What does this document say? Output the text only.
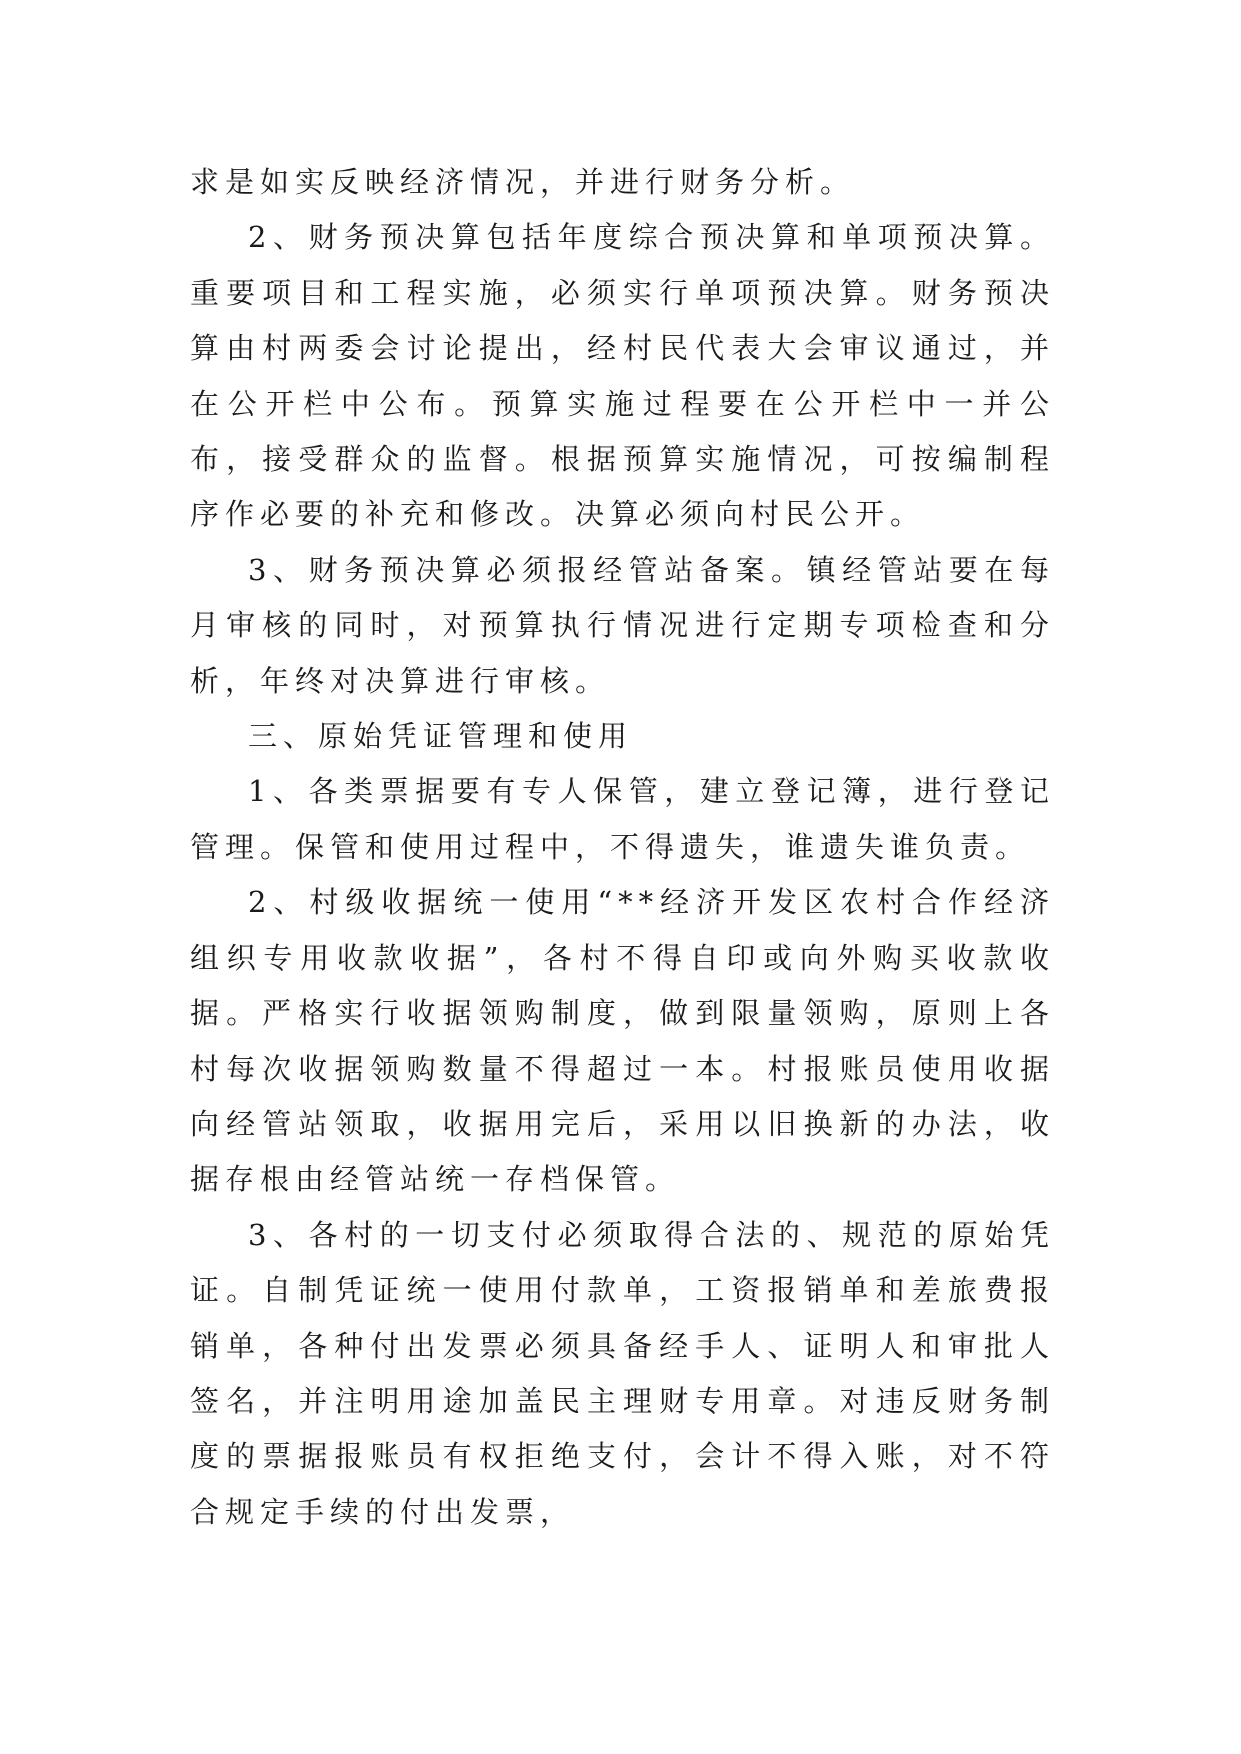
求是如实反映经济情况，并进行财务分析。

2、财务预决算包括年度综合预决算和单项预决算。重要项目和工程实施，必须实行单项预决算。财务预决算由村两委会讨论提出，经村民代表大会审议通过，并在公开栏中公布。预算实施过程要在公开栏中一并公布，接受群众的监督。根据预算实施情况，可按编制程序作必要的补充和修改。决算必须向村民公开。

3、财务预决算必须报经管站备案。镇经管站要在每月审核的同时，对预算执行情况进行定期专项检查和分析，年终对决算进行审核。

三、原始凭证管理和使用

1、各类票据要有专人保管，建立登记簿，进行登记管理。保管和使用过程中，不得遗失，谁遗失谁负责。

2、村级收据统一使用“**经济开发区农村合作经济组织专用收款收据”，各村不得自印或向外购买收款收据。严格实行收据领购制度，做到限量领购，原则上各村每次收据领购数量不得超过一本。村报账员使用收据向经管站领取，收据用完后，采用以旧换新的办法，收据存根由经管站统一存档保管。

3、各村的一切支付必须取得合法的、规范的原始凭证。自制凭证统一使用付款单，工资报销单和差旅费报销单，各种付出发票必须具备经手人、证明人和审批人签名，并注明用途加盖民主理财专用章。对违反财务制度的票据报账员有权拒绝支付，会计不得入账，对不符合规定手续的付出发票，
